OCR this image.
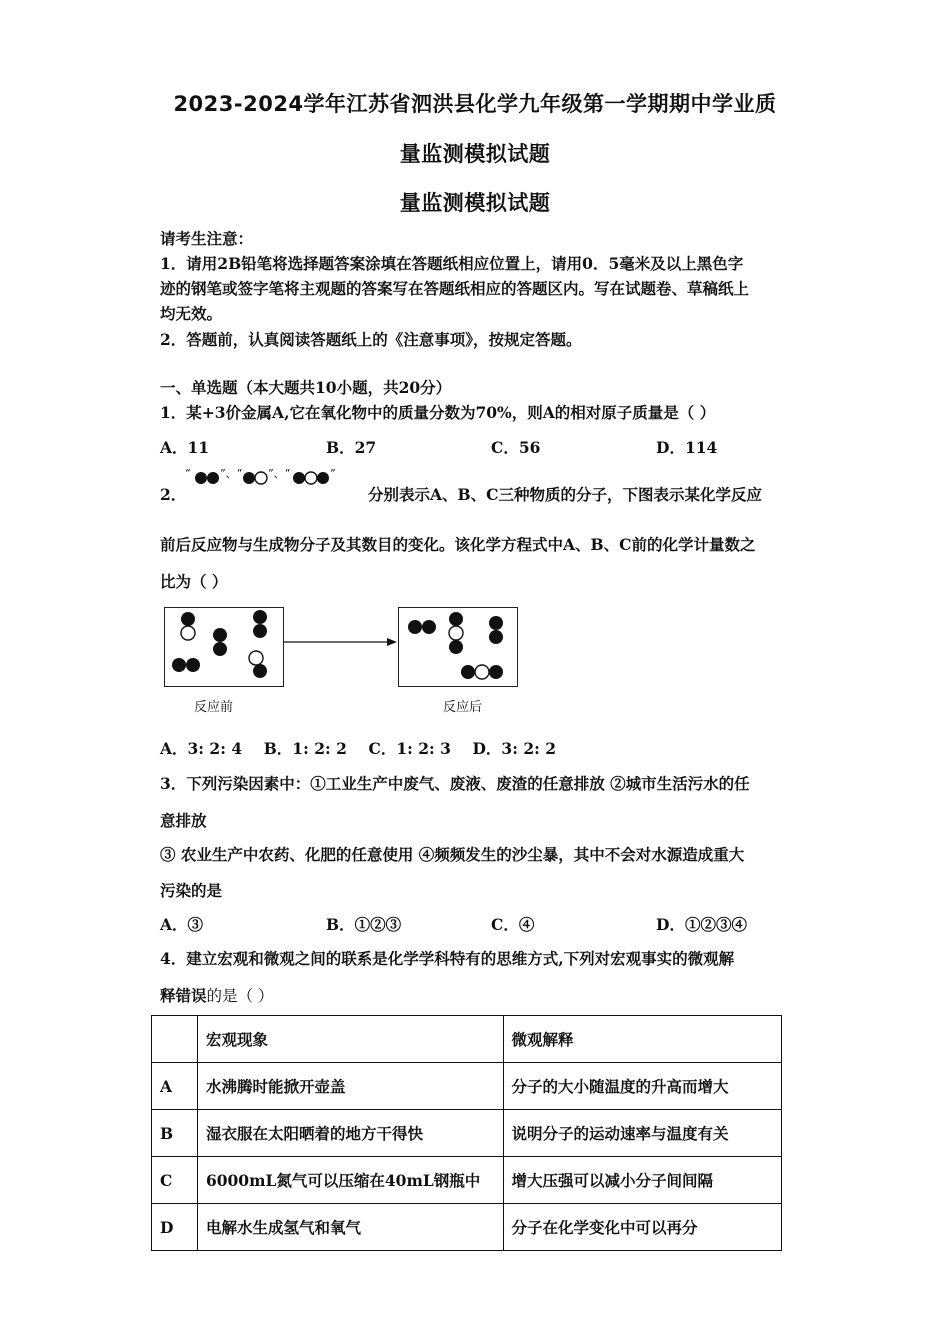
2023-2024学年江苏省泗洪县化学九年级第一学期期中学业质
量监测模拟试题
量监测模拟试题
请考生注意：
1．请用2B铅笔将选择题答案涂填在答题纸相应位置上，请用0．5毫米及以上黑色字
迹的钢笔或签字笔将主观题的答案写在答题纸相应的答题区内。写在试题卷、草稿纸上
均无效。
2．答题前，认真阅读答题纸上的《注意事项》，按规定答题。
一、单选题（本大题共10小题，共20分）
1．某+3价金属A,它在氧化物中的质量分数为70%，则A的相对原子质量是（ ）
A．11	B．27	C．56	D．114
2．
“	”、“ ”、“	”
分别表示A、B、C三种物质的分子，下图表示某化学反应
前后反应物与生成物分子及其数目的变化。该化学方程式中A、B、C前的化学计量数之
比为（ ）
反应前	反应后
A．3: 2: 4    B．1: 2: 2    C．1: 2: 3    D．3: 2: 2
3．下列污染因素中：①工业生产中废气、废液、废渣的任意排放 ②城市生活污水的任
意排放
③ 农业生产中农药、化肥的任意使用 ④频频发生的沙尘暴，其中不会对水源造成重大
污染的是
A．③	B．①②③	C．④	D．①②③④
4．建立宏观和微观之间的联系是化学学科特有的思维方式,下列对宏观事实的微观解
释错误的是（ ）
	宏观现象	微观解释
A	水沸腾时能掀开壶盖	分子的大小随温度的升高而增大
B	湿衣服在太阳晒着的地方干得快	说明分子的运动速率与温度有关
C	6000mL氮气可以压缩在40mL钢瓶中	增大压强可以减小分子间间隔
D	电解水生成氢气和氧气	分子在化学变化中可以再分
